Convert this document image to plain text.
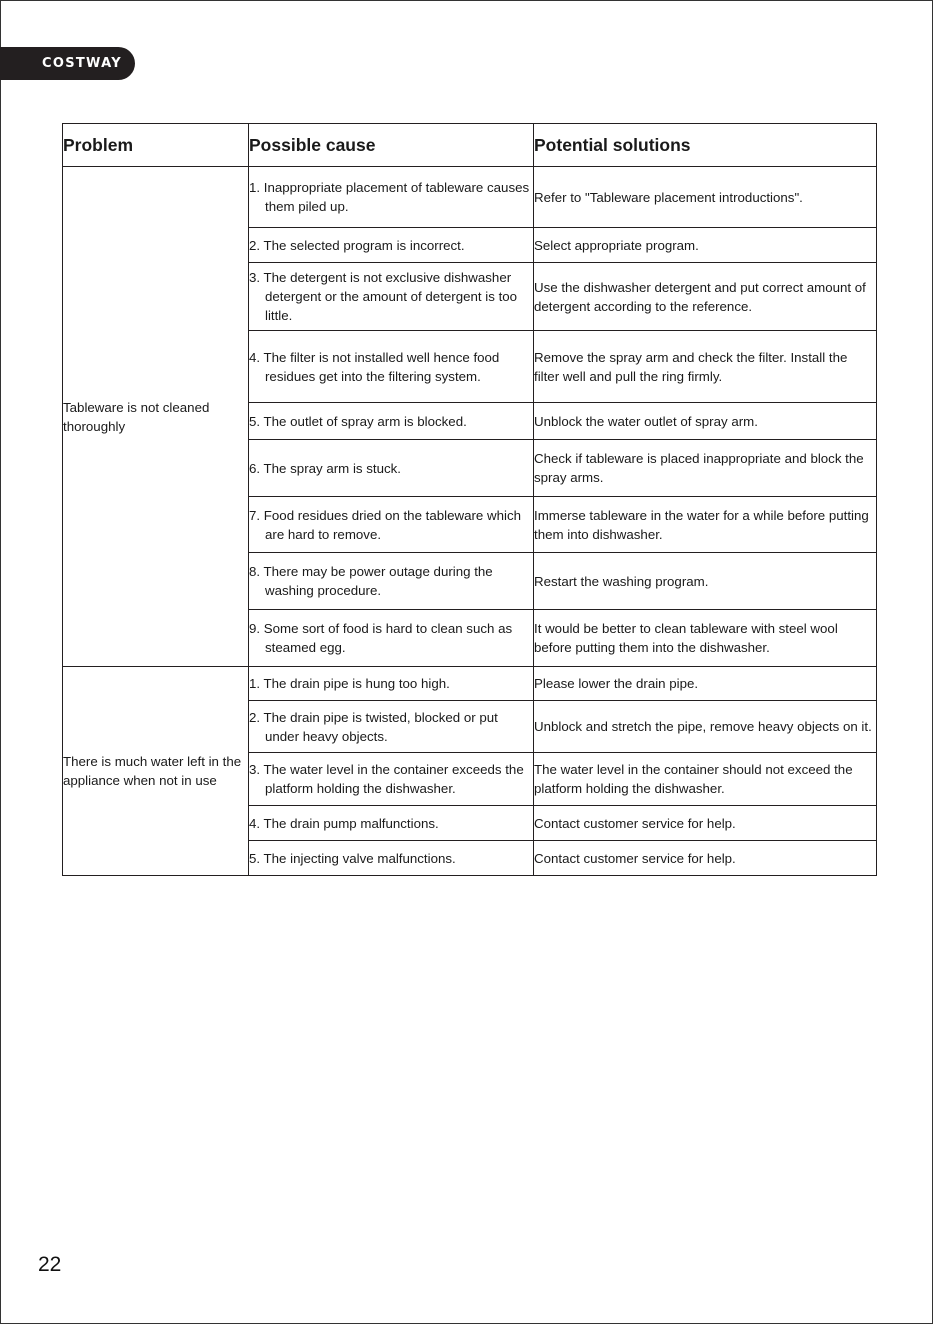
COSTWAY
Problem	Possible cause	Potential solutions
Tableware is not cleaned thoroughly	1. Inappropriate placement of tableware causes them piled up.	Refer to "Tableware placement introductions".

	2. The selected program is incorrect.	Select appropriate program.

	3. The detergent is not exclusive dishwasher detergent or the amount of detergent is too little.	Use the dishwasher detergent and put correct amount of detergent according to the reference.

	4. The filter is not installed well hence food residues get into the filtering system.	Remove the spray arm and check the filter. Install the filter well and pull the ring firmly.

	5. The outlet of spray arm is blocked.	Unblock the water outlet of spray arm.

	6. The spray arm is stuck.	Check if tableware is placed inappropriate and block the spray arms.

	7. Food residues dried on the tableware which are hard to remove.	Immerse tableware in the water for a while before putting them into dishwasher.

	8. There may be power outage during the washing procedure.	Restart the washing program.

	9. Some sort of food is hard to clean such as steamed egg.	It would be better to clean tableware with steel wool before putting them into the dishwasher.
There is much water left in the appliance when not in use	1. The drain pipe is hung too high.	Please lower the drain pipe.

	2. The drain pipe is twisted, blocked or put under heavy objects.	Unblock and stretch the pipe, remove heavy objects on it.

	3. The water level in the container exceeds the platform holding the dishwasher.	The water level in the container should not exceed the platform holding the dishwasher.

	4. The drain pump malfunctions.	Contact customer service for help.

	5. The injecting valve malfunctions.	Contact customer service for help.
22
